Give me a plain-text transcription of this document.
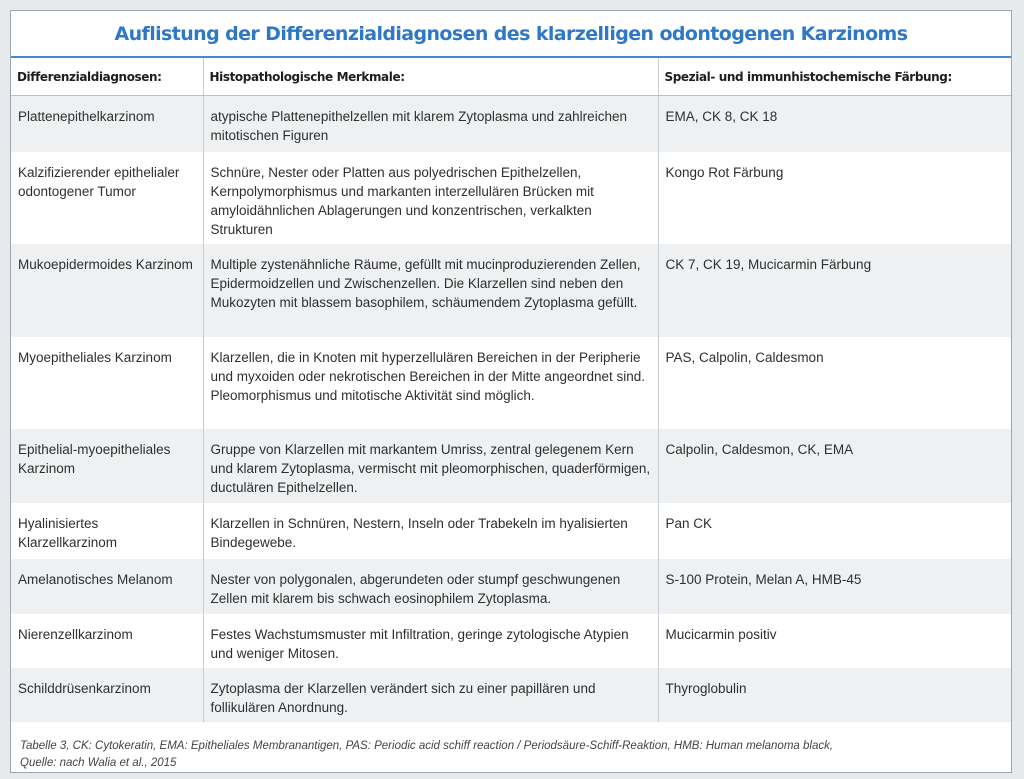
Auflistung der Differenzialdiagnosen des klarzelligen odontogenen Karzinoms
Differenzialdiagnosen:	Histopathologische Merkmale:	Spezial- und immunhistochemische Färbung:
Plattenepithelkarzinom	atypische Plattenepithelzellen mit klarem Zytoplasma und zahlreichen mitotischen Figuren	EMA, CK 8, CK 18
Kalzifizierender epithelialer odontogener Tumor	Schnüre, Nester oder Platten aus polyedrischen Epithelzellen, Kernpolymorphismus und markanten interzellulären Brücken mit amyloidähnlichen Ablagerungen und konzentrischen, verkalkten Strukturen	Kongo Rot Färbung
Mukoepidermoides Karzinom	Multiple zystenähnliche Räume, gefüllt mit mucinproduzierenden Zellen, Epidermoidzellen und Zwischenzellen. Die Klarzellen sind neben den Mukozyten mit blassem basophilem, schäumendem Zytoplasma gefüllt.	CK 7, CK 19, Mucicarmin Färbung
Myoepitheliales Karzinom	Klarzellen, die in Knoten mit hyperzellulären Bereichen in der Peripherie und myxoiden oder nekrotischen Bereichen in der Mitte angeordnet sind. Pleomorphismus und mitotische Aktivität sind möglich.	PAS, Calpolin, Caldesmon
Epithelial-myoepitheliales Karzinom	Gruppe von Klarzellen mit markantem Umriss, zentral gelegenem Kern und klarem Zytoplasma, vermischt mit pleomorphischen, quaderförmigen, ductulären Epithelzellen.	Calpolin, Caldesmon, CK, EMA
Hyalinisiertes Klarzellkarzinom	Klarzellen in Schnüren, Nestern, Inseln oder Trabekeln im hyalisierten Bindegewebe.	Pan CK
Amelanotisches Melanom	Nester von polygonalen, abgerundeten oder stumpf geschwungenen Zellen mit klarem bis schwach eosinophilem Zytoplasma.	S-100 Protein, Melan A, HMB-45
Nierenzellkarzinom	Festes Wachstumsmuster mit Infiltration, geringe zytologische Atypien und weniger Mitosen.	Mucicarmin positiv
Schilddrüsenkarzinom	Zytoplasma der Klarzellen verändert sich zu einer papillären und follikulären Anordnung.	Thyroglobulin
Tabelle 3, CK: Cytokeratin, EMA: Epitheliales Membranantigen, PAS: Periodic acid schiff reaction / Periodsäure-Schiff-Reaktion, HMB: Human melanoma black,
Quelle: nach Walia et al., 2015
